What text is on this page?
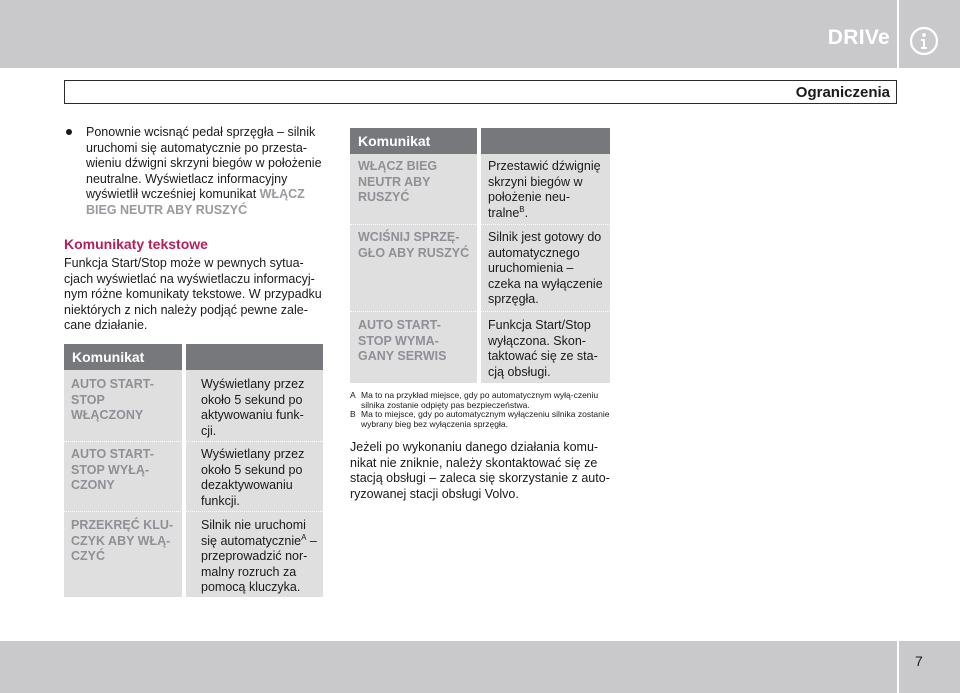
DRIVe
Ograniczenia
Ponownie wcisnąć pedał sprzęgła – silnik uruchomi się automatycznie po przesta-wieniu dźwigni skrzyni biegów w położenie neutralne. Wyświetlacz informacyjny wyświetlił wcześniej komunikat WŁĄCZ BIEG NEUTR ABY RUSZYĆ
Komunikaty tekstowe
Funkcja Start/Stop może w pewnych sytua-cjach wyświetlać na wyświetlaczu informacyj-nym różne komunikaty tekstowe. W przypadku niektórych z nich należy podjąć pewne zale-cane działanie.
Komunikat
AUTO START-STOP WŁĄCZONY
Wyświetlany przez około 5 sekund po aktywowaniu funk-cji.
AUTO START-STOP WYŁĄ-CZONY
Wyświetlany przez około 5 sekund po dezaktywowaniu funkcji.
PRZEKRĘĆ KLU-CZYK ABY WŁĄ-CZYĆ
Silnik nie uruchomi się automatycznie$^A$ – przeprowadzić nor-malny rozruch za pomocą kluczyka.
Komunikat
WŁĄCZ BIEG NEUTR ABY RUSZYĆ
Przestawić dźwignię skrzyni biegów w położenie neu-tralne$^B$.
WCIŚNIJ SPRZĘ-GŁO ABY RUSZYĆ
Silnik jest gotowy do automatycznego uruchomienia – czeka na wyłączenie sprzęgła.
AUTO START-STOP WYMA-GANY SERWIS
Funkcja Start/Stop wyłączona. Skon-taktować się ze sta-cją obsługi.
A Ma to na przykład miejsce, gdy po automatycznym wyłą-czeniu silnika zostanie odpięty pas bezpieczeństwa.
B Ma to miejsce, gdy po automatycznym wyłączeniu silnika zostanie wybrany bieg bez wyłączenia sprzęgła.
Jeżeli po wykonaniu danego działania komu-nikat nie zniknie, należy skontaktować się ze stacją obsługi – zaleca się skorzystanie z auto-ryzowanej stacji obsługi Volvo.
7
